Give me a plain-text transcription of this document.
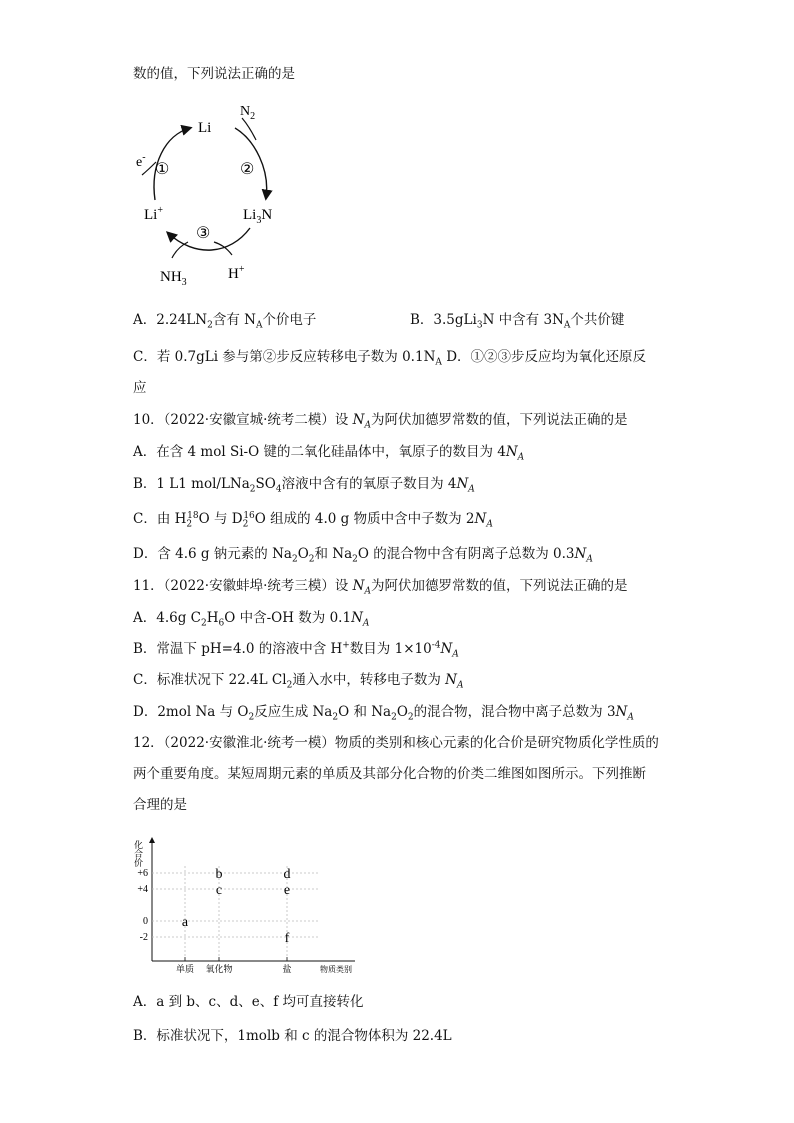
数的值，下列说法正确的是
Li
$N_2$
e-
①	②
③
Li+	$Li_3N$
$NH_3$
H+
A．$2.24LN_2$含有 $N_A$个价电子	B．3.5gLi$_3$N 中含有 $3N_A$个共价键
C．若 0.7gLi 参与第②步反应转移电子数为 $0.1N_A$ D．①②③步反应均为氧化还原反
应
10．（2022·安徽宣城·统考二模）设 $N_A$为阿伏加德罗常数的值，下列说法正确的是
A．在含 4 mol Si-O 键的二氧化硅晶体中，氧原子的数目为 $4N_A$
B．1 L1 mol/$LNa_2SO_4$溶液中含有的氧原子数目为 $4N_A$
C．由 $H_2^{18}O$ 与 $D_2^{16}O$ 组成的 4.0 g 物质中含中子数为 $2N_A$
D．含 4.6 g 钠元素的 $Na_2O_2$和 $Na_2O$ 的混合物中含有阴离子总数为 $0.3N_A$
11．（2022·安徽蚌埠·统考三模）设 $N_A$为阿伏加德罗常数的值，下列说法正确的是
A．4.6g $C_2H_6O$ 中含-OH 数为 $0.1N_A$
B．常温下 pH=4.0 的溶液中含 H+数目为 $1\times 10^{-4}N_A$
C．标准状况下 22.4L $Cl_2$通入水中，转移电子数为 $N_A$
D．2mol Na 与 $O_2$反应生成 $Na_2O$ 和 $Na_2O_2$的混合物，混合物中离子总数为 $3N_A$
12．（2022·安徽淮北·统考一模）物质的类别和核心元素的化合价是研究物质化学性质的
两个重要角度。某短周期元素的单质及其部分化合物的价类二维图如图所示。下列推断
合理的是
化合价
物质类别
+6
+4
0
-2
单质 氧化物	盐
a
b
c
d
e
f
A．a 到 b、c、d、e、f 均可直接转化
B．标准状况下，1molb 和 c 的混合物体积为 22.4L
